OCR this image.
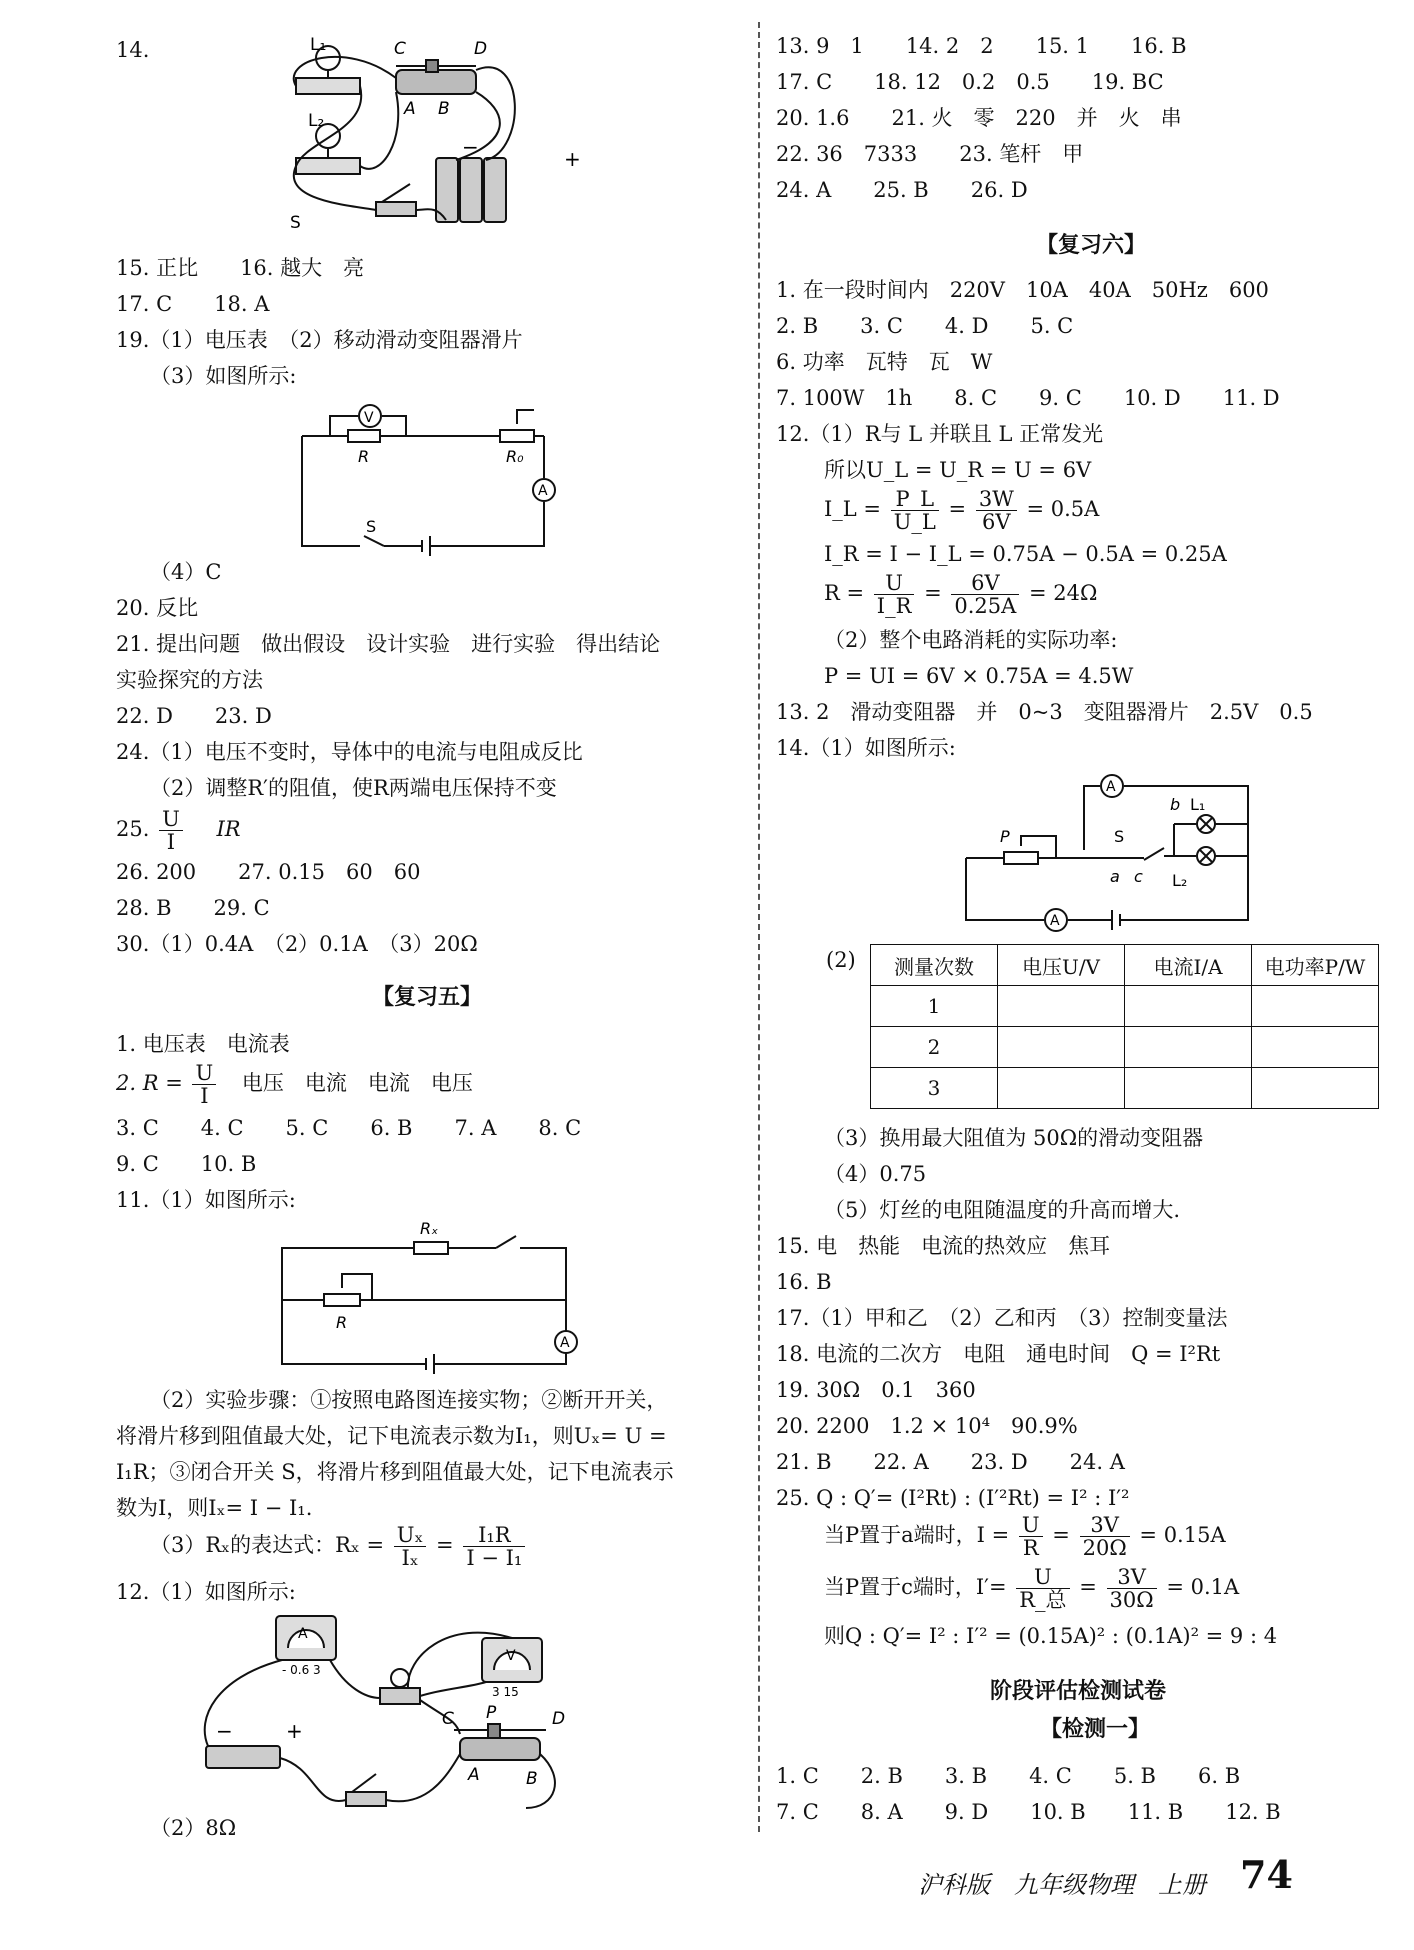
14.	L₁
L₂
C	D
A B
S
−	+
15. 正比　　16. 越大　亮
17. C　　18. A
19.（1）电压表　（2）移动滑动变阻器滑片
（3）如图所示:
V
R	R₀
A
S
（4）C
20. 反比
21. 提出问题　做出假设　设计实验　进行实验　得出结论
实验探究的方法
22. D　　23. D
24.（1）电压不变时，导体中的电流与电阻成反比
（2）调整R′的阻值，使R两端电压保持不变
25. $\frac{U}{I}$ IR
26. 200　　27. 0.15　60　60
28. B　　29. C
30.（1）0.4A　（2）0.1A　（3）20Ω
【复习五】
1. 电压表　电流表
2. $R = \frac{U}{I}$ 电压　电流　电流　电压
3. C　　4. C　　5. C　　6. B　　7. A　　8. C
9. C　　10. B
11.（1）如图所示:
Rₓ
R
A
（2）实验步骤：①按照电路图连接实物；②断开开关，
将滑片移到阻值最大处，记下电流表示数为I₁，则Uₓ= U =
I₁R；③闭合开关 S，将滑片移到阻值最大处，记下电流表示
数为I，则Iₓ= I − I₁.
（3）Rₓ的表达式：$R_x = \frac{\text{Uₓ}}{\text{Iₓ}} = \frac{\text{I₁R}}{\text{I − I₁}}$
12.（1）如图所示:
A
V
- 0.6 3
3 15
C P	D
A	B
−	+
（2）8Ω
13. 9　1　　14. 2　2　　15. 1　　16. B
17. C　　18. 12　0.2　0.5　　19. BC
20. 1.6　　21. 火　零　220　并　火　串
22. 36　7333　　23. 笔杆　甲
24. A　　25. B　　26. D
【复习六】
1. 在一段时间内　220V　10A　40A　50Hz　600
2. B　　3. C　　4. D　　5. C
6. 功率　瓦特　瓦　W
7. 100W　1h　　8. C　　9. C　　10. D　　11. D
12.（1）R与 L 并联且 L 正常发光
所以U_L = U_R = U = 6V
I_L = $\frac{P\_L}{U\_L} = \frac{3W}{6V} = 0.5A$
I_R = I − I_L = 0.75A − 0.5A = 0.25A
$R = \frac{U}{I\_R} = \frac{6V}{0.25A} = 24\Omega$
（2）整个电路消耗的实际功率:
P = UI = 6V × 0.75A = 4.5W
13. 2　滑动变阻器　并　0~3　变阻器滑片　2.5V　0.5
14.（1）如图所示:
A
b L₁
P	S
a c L₂
A
(2) 测量次数	电压U/V	电流I/A	电功率P/W
1			
2			
3			
（3）换用最大阻值为 50Ω的滑动变阻器
（4）0.75
（5）灯丝的电阻随温度的升高而增大.
15. 电　热能　电流的热效应　焦耳
16. B
17.（1）甲和乙　（2）乙和丙　（3）控制变量法
18. 电流的二次方　电阻　通电时间　Q = I²Rt
19. 30Ω　0.1　360
20. 2200　1.2 × 10⁴　90.9%
21. B　　22. A　　23. D　　24. A
25. Q : Q′= (I²Rt) : (I′²Rt) = I² : I′²
当P置于a端时，$I = \frac{U}{R} = \frac{3V}{20\Omega} = 0.15A$
当P置于c端时，$I'= \frac{U}{\text{R\_总}} = \frac{3V}{30\Omega} = 0.1A$
则Q : Q′= I² : I′² = (0.15A)² : (0.1A)² = 9 : 4
阶段评估检测试卷
【检测一】
1. C　　2. B　　3. B　　4. C　　5. B　　6. B
7. C　　8. A　　9. D　　10. B　　11. B　　12. B
沪科版　九年级物理　上册 74
